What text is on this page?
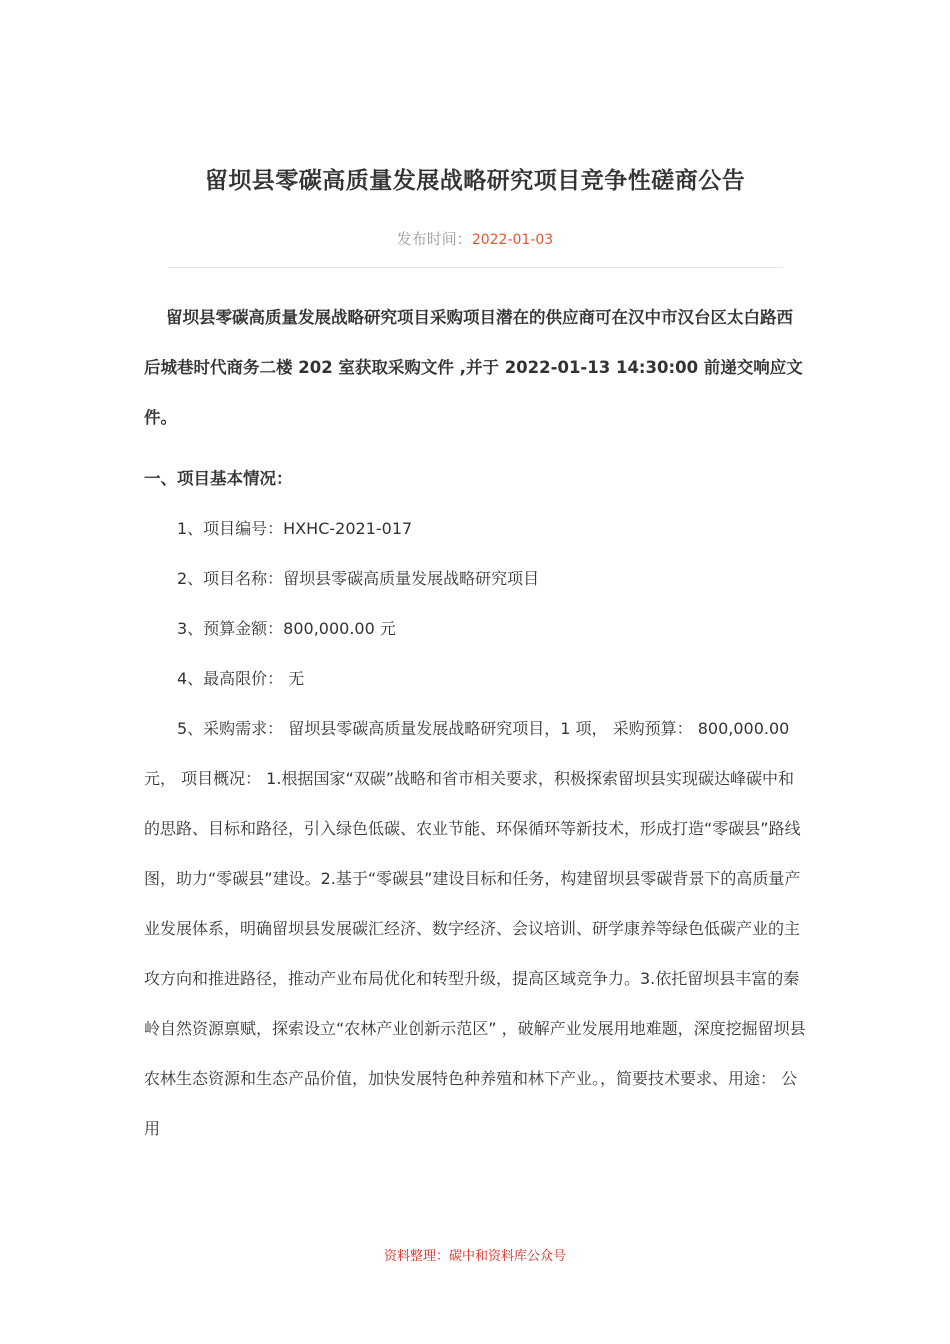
留坝县零碳高质量发展战略研究项目竞争性磋商公告
发布时间：2022-01-03

留坝县零碳高质量发展战略研究项目采购项目潜在的供应商可在汉中市汉台区太白路西后城巷时代商务二楼 202 室获取采购文件 ,并于 2022-01-13 14:30:00 前递交响应文件。

一、项目基本情况：

1、项目编号：HXHC-2021-017

2、项目名称：留坝县零碳高质量发展战略研究项目

3、预算金额：800,000.00 元

4、最高限价： 无

5、采购需求： 留坝县零碳高质量发展战略研究项目，1 项， 采购预算： 800,000.00 元， 项目概况： 1.根据国家“双碳”战略和省市相关要求，积极探索留坝县实现碳达峰碳中和的思路、目标和路径，引入绿色低碳、农业节能、环保循环等新技术，形成打造“零碳县”路线图，助力“零碳县”建设。2.基于“零碳县”建设目标和任务，构建留坝县零碳背景下的高质量产业发展体系，明确留坝县发展碳汇经济、数字经济、会议培训、研学康养等绿色低碳产业的主攻方向和推进路径，推动产业布局优化和转型升级，提高区域竞争力。3.依托留坝县丰富的秦岭自然资源禀赋，探索设立“农林产业创新示范区” ，破解产业发展用地难题，深度挖掘留坝县农林生态资源和生态产品价值，加快发展特色种养殖和林下产业。，简要技术要求、用途： 公用

资料整理：碳中和资料库公众号
